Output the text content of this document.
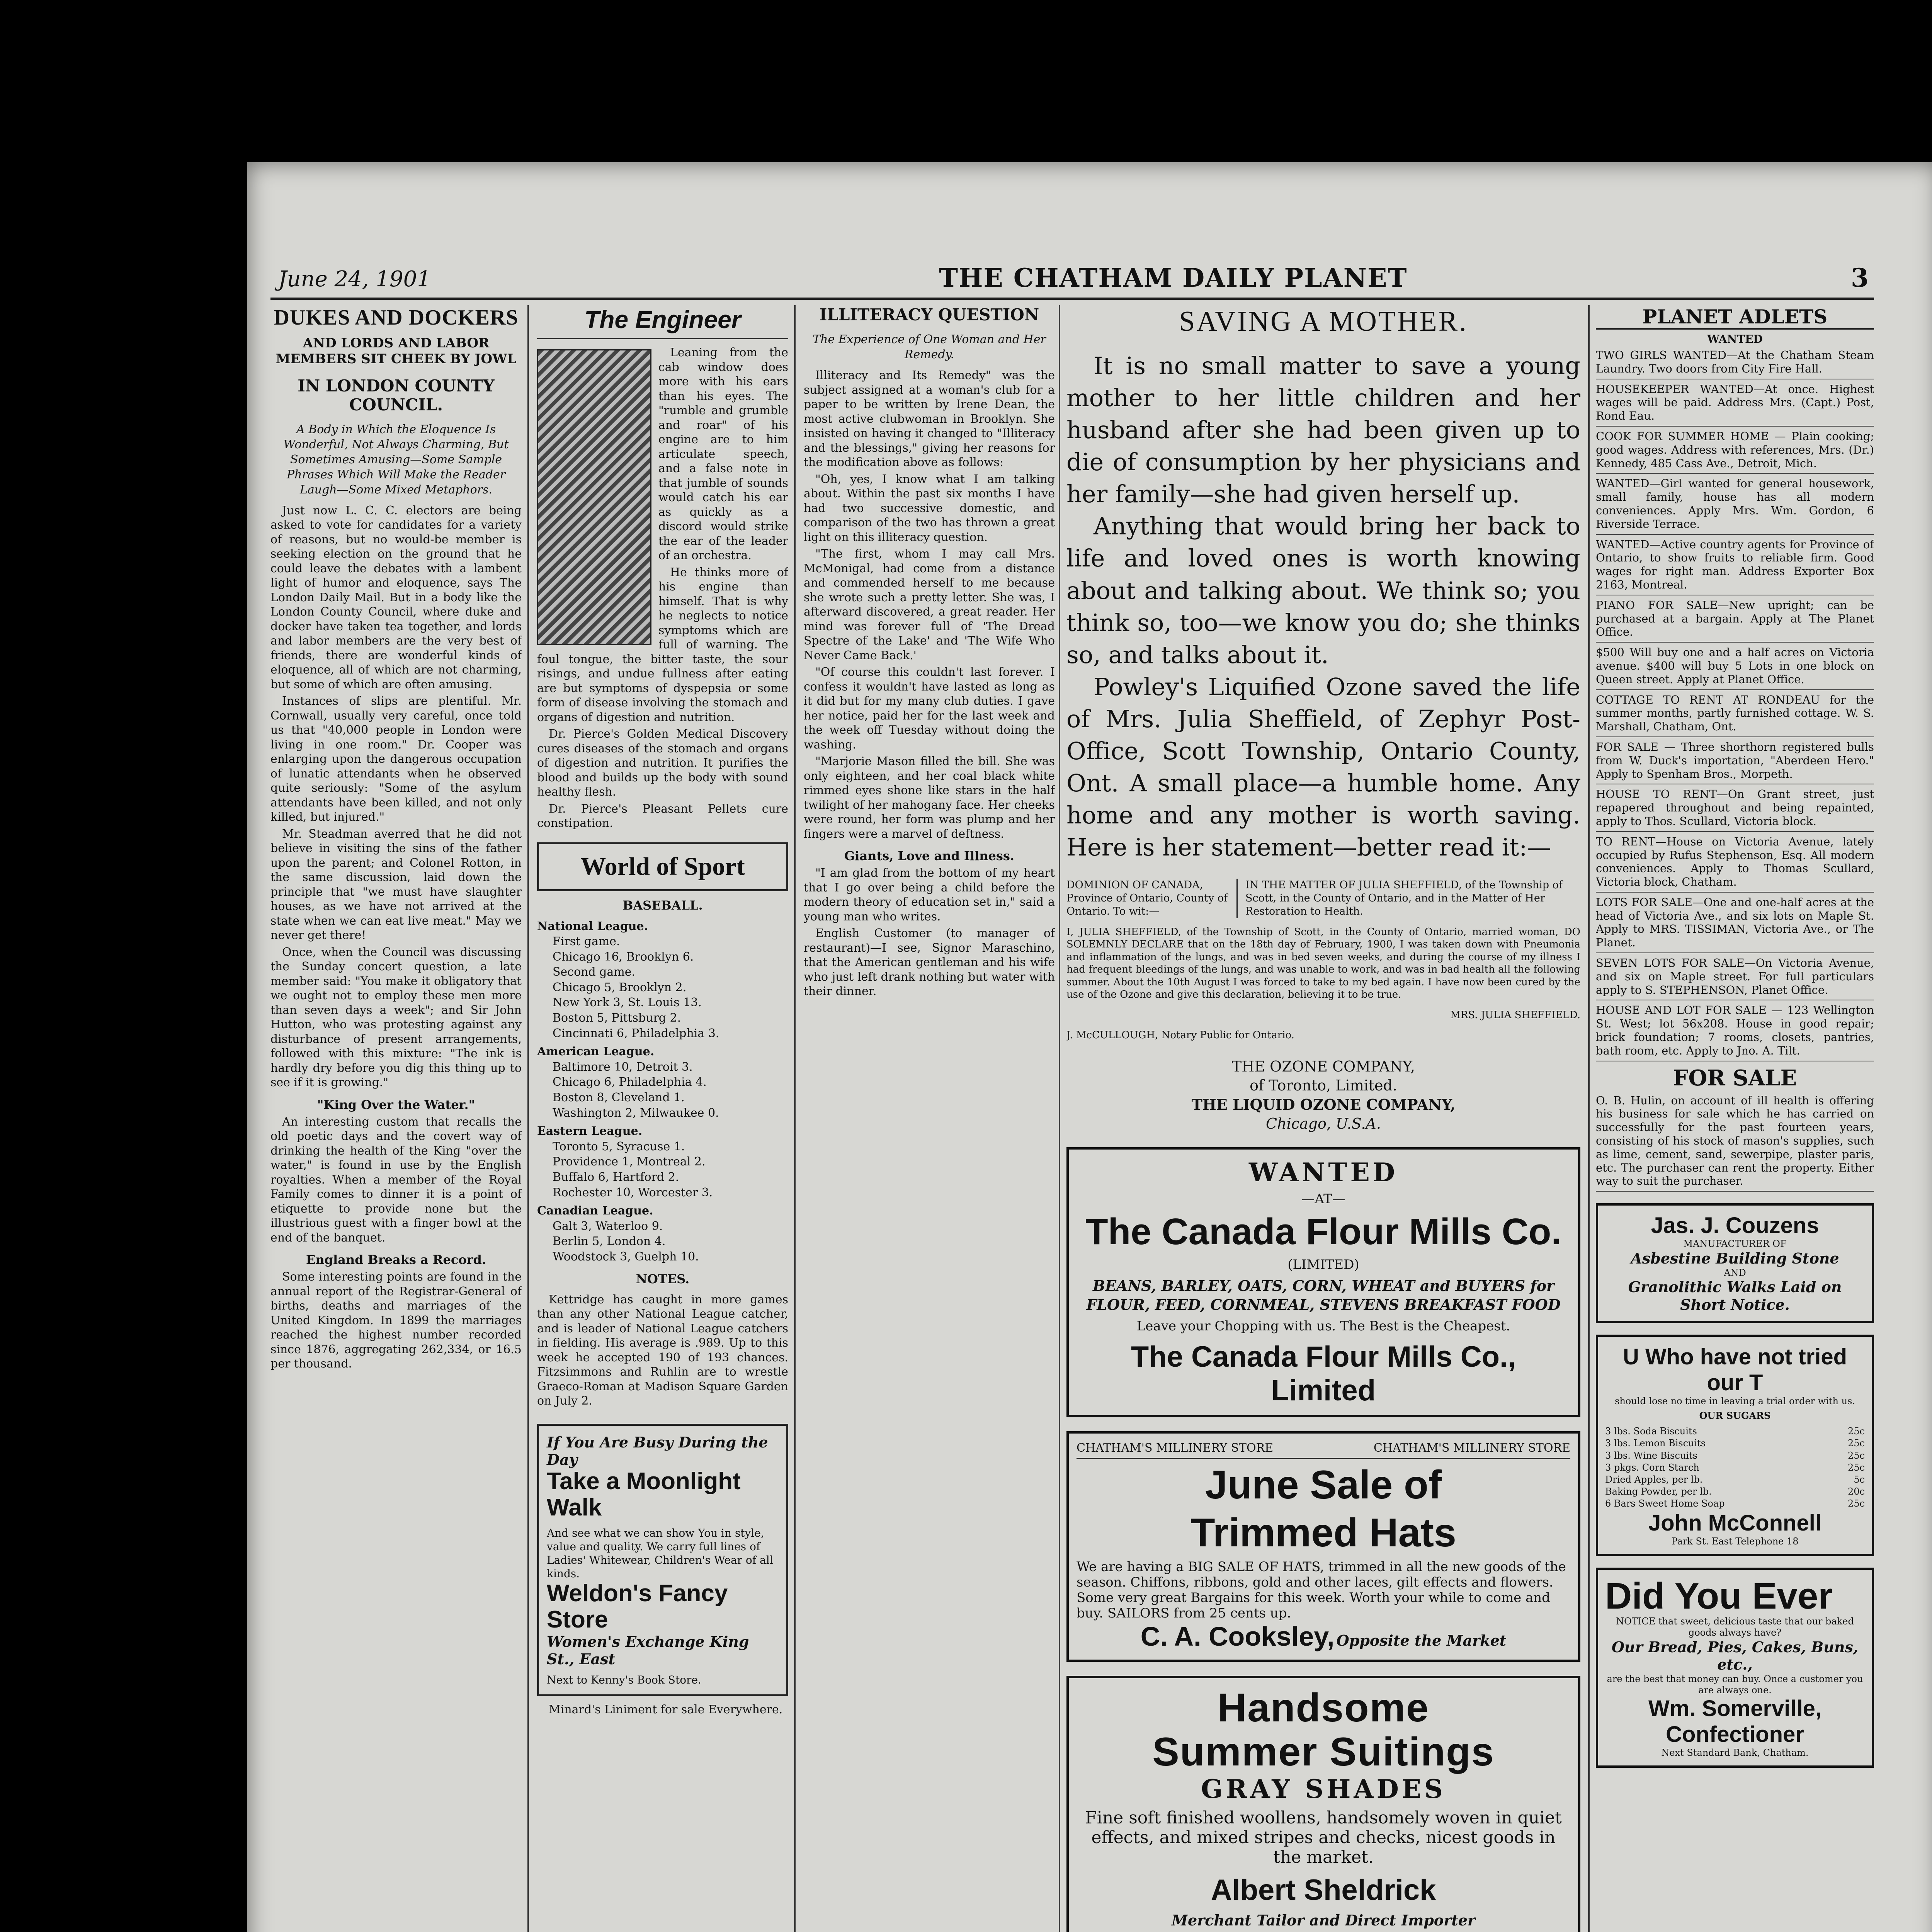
June 24, 1901	THE CHATHAM DAILY PLANET	3
DUKES AND DOCKERS
AND LORDS AND LABOR MEMBERS SIT CHEEK BY JOWL
IN LONDON COUNTY COUNCIL.
A Body in Which the Eloquence Is Wonderful, Not Always Charming, But Sometimes Amusing—Some Sample Phrases Which Will Make the Reader Laugh—Some Mixed Metaphors.

Just now L. C. C. electors are being asked to vote for candidates for a variety of reasons, but no would-be member is seeking election on the ground that he could leave the debates with a lambent light of humor and eloquence, says The London Daily Mail. But in a body like the London County Council, where duke and docker have taken tea together, and lords and labor members are the very best of friends, there are wonderful kinds of eloquence, all of which are not charming, but some of which are often amusing.

Instances of slips are plentiful. Mr. Cornwall, usually very careful, once told us that "40,000 people in London were living in one room." Dr. Cooper was enlarging upon the dangerous occupation of lunatic attendants when he observed quite seriously: "Some of the asylum attendants have been killed, and not only killed, but injured."

Mr. Steadman averred that he did not believe in visiting the sins of the father upon the parent; and Colonel Rotton, in the same discussion, laid down the principle that "we must have slaughter houses, as we have not arrived at the state when we can eat live meat." May we never get there!

Once, when the Council was discussing the Sunday concert question, a late member said: "You make it obligatory that we ought not to employ these men more than seven days a week"; and Sir John Hutton, who was protesting against any disturbance of present arrangements, followed with this mixture: "The ink is hardly dry before you dig this thing up to see if it is growing."

"King Over the Water."

An interesting custom that recalls the old poetic days and the covert way of drinking the health of the King "over the water," is found in use by the English royalties. When a member of the Royal Family comes to dinner it is a point of etiquette to provide none but the illustrious guest with a finger bowl at the end of the banquet.

England Breaks a Record.

Some interesting points are found in the annual report of the Registrar-General of births, deaths and marriages of the United Kingdom. In 1899 the marriages reached the highest number recorded since 1876, aggregating 262,334, or 16.5 per thousand.

The Engineer

Leaning from the cab window does more with his ears than his eyes. The "rumble and grumble and roar" of his engine are to him articulate speech, and a false note in that jumble of sounds would catch his ear as quickly as a discord would strike the ear of the leader of an orchestra.

He thinks more of his engine than himself. That is why he neglects to notice symptoms which are full of warning. The foul tongue, the bitter taste, the sour risings, and undue fullness after eating are but symptoms of dyspepsia or some form of disease involving the stomach and organs of digestion and nutrition.

Dr. Pierce's Golden Medical Discovery cures diseases of the stomach and organs of digestion and nutrition. It purifies the blood and builds up the body with sound healthy flesh.

Dr. Pierce's Pleasant Pellets cure constipation.

World of Sport
BASEBALL.
National League.
First game.
Chicago 16, Brooklyn 6.
Second game.
Chicago 5, Brooklyn 2.
New York 3, St. Louis 13.
Boston 5, Pittsburg 2.
Cincinnati 6, Philadelphia 3.
American League.
Baltimore 10, Detroit 3.
Chicago 6, Philadelphia 4.
Boston 8, Cleveland 1.
Washington 2, Milwaukee 0.
Eastern League.
Toronto 5, Syracuse 1.
Providence 1, Montreal 2.
Buffalo 6, Hartford 2.
Rochester 10, Worcester 3.
Canadian League.
Galt 3, Waterloo 9.
Berlin 5, London 4.
Woodstock 3, Guelph 10.
NOTES.

Kettridge has caught in more games than any other National League catcher, and is leader of National League catchers in fielding. His average is .989. Up to this week he accepted 190 of 193 chances. Fitzsimmons and Ruhlin are to wrestle Graeco-Roman at Madison Square Garden on July 2.

If You Are Busy During the Day
Take a Moonlight Walk
And see what we can show You in style, value and quality. We carry full lines of Ladies' Whitewear, Children's Wear of all kinds.
Weldon's Fancy Store
Women's Exchange King St., East
Next to Kenny's Book Store.

Minard's Liniment for sale Everywhere.

ILLITERACY QUESTION
The Experience of One Woman and Her Remedy.

Illiteracy and Its Remedy" was the subject assigned at a woman's club for a paper to be written by Irene Dean, the most active clubwoman in Brooklyn. She insisted on having it changed to "Illiteracy and the blessings," giving her reasons for the modification above as follows:

"Oh, yes, I know what I am talking about. Within the past six months I have had two successive domestic, and comparison of the two has thrown a great light on this illiteracy question.

"The first, whom I may call Mrs. McMonigal, had come from a distance and commended herself to me because she wrote such a pretty letter. She was, I afterward discovered, a great reader. Her mind was forever full of 'The Dread Spectre of the Lake' and 'The Wife Who Never Came Back.'

"Of course this couldn't last forever. I confess it wouldn't have lasted as long as it did but for my many club duties. I gave her notice, paid her for the last week and the week off Tuesday without doing the washing.

"Marjorie Mason filled the bill. She was only eighteen, and her coal black white rimmed eyes shone like stars in the half twilight of her mahogany face. Her cheeks were round, her form was plump and her fingers were a marvel of deftness.

Giants, Love and Illness.

"I am glad from the bottom of my heart that I go over being a child before the modern theory of education set in," said a young man who writes.

English Customer (to manager of restaurant)—I see, Signor Maraschino, that the American gentleman and his wife who just left drank nothing but water with their dinner.

SAVING A MOTHER.

It is no small matter to save a young mother to her little children and her husband after she had been given up to die of consumption by her physicians and her family—she had given herself up.

Anything that would bring her back to life and loved ones is worth knowing about and talking about. We think so; you think so, too—we know you do; she thinks so, and talks about it.

Powley's Liquified Ozone saved the life of Mrs. Julia Sheffield, of Zephyr Post-Office, Scott Township, Ontario County, Ont. A small place—a humble home. Any home and any mother is worth saving. Here is her statement—better read it:—

DOMINION OF CANADA, Province of Ontario, County of Ontario. To wit:—
IN THE MATTER OF JULIA SHEFFIELD, of the Township of Scott, in the County of Ontario, and in the Matter of Her Restoration to Health.
I, JULIA SHEFFIELD, of the Township of Scott, in the County of Ontario, married woman, DO SOLEMNLY DECLARE that on the 18th day of February, 1900, I was taken down with Pneumonia and inflammation of the lungs, and was in bed seven weeks, and during the course of my illness I had frequent bleedings of the lungs, and was unable to work, and was in bad health all the following summer. About the 10th August I was forced to take to my bed again. I have now been cured by the use of the Ozone and give this declaration, believing it to be true.
MRS. JULIA SHEFFIELD.
J. McCULLOUGH, Notary Public for Ontario.
THE OZONE COMPANY,
of Toronto, Limited.
THE LIQUID OZONE COMPANY,
Chicago, U.S.A.
WANTED
—AT—
The Canada Flour Mills Co.
(LIMITED)
BEANS, BARLEY, OATS, CORN, WHEAT and BUYERS for FLOUR, FEED, CORNMEAL, STEVENS BREAKFAST FOOD
Leave your Chopping with us. The Best is the Cheapest.
The Canada Flour Mills Co., Limited
CHATHAM'S MILLINERY STORE	CHATHAM'S MILLINERY STORE
June Sale of
Trimmed Hats
We are having a BIG SALE OF HATS, trimmed in all the new goods of the season. Chiffons, ribbons, gold and other laces, gilt effects and flowers. Some very great Bargains for this week. Worth your while to come and buy. SAILORS from 25 cents up.
C. A. Cooksley, Opposite the Market
Handsome
Summer Suitings
GRAY SHADES
Fine soft finished woollens, handsomely woven in quiet effects, and mixed stripes and checks, nicest goods in the market.
Albert Sheldrick
Merchant Tailor and Direct Importer
PLANET ADLETS
WANTED
TWO GIRLS WANTED—At the Chatham Steam Laundry. Two doors from City Fire Hall.
HOUSEKEEPER WANTED—At once. Highest wages will be paid. Address Mrs. (Capt.) Post, Rond Eau.
COOK FOR SUMMER HOME — Plain cooking; good wages. Address with references, Mrs. (Dr.) Kennedy, 485 Cass Ave., Detroit, Mich.
WANTED—Girl wanted for general housework, small family, house has all modern conveniences. Apply Mrs. Wm. Gordon, 6 Riverside Terrace.
WANTED—Active country agents for Province of Ontario, to show fruits to reliable firm. Good wages for right man. Address Exporter Box 2163, Montreal.
PIANO FOR SALE—New upright; can be purchased at a bargain. Apply at The Planet Office.
$500 Will buy one and a half acres on Victoria avenue. $400 will buy 5 Lots in one block on Queen street. Apply at Planet Office.
COTTAGE TO RENT AT RONDEAU for the summer months, partly furnished cottage. W. S. Marshall, Chatham, Ont.
FOR SALE — Three shorthorn registered bulls from W. Duck's importation, "Aberdeen Hero." Apply to Spenham Bros., Morpeth.
HOUSE TO RENT—On Grant street, just repapered throughout and being repainted, apply to Thos. Scullard, Victoria block.
TO RENT—House on Victoria Avenue, lately occupied by Rufus Stephenson, Esq. All modern conveniences. Apply to Thomas Scullard, Victoria block, Chatham.
LOTS FOR SALE—One and one-half acres at the head of Victoria Ave., and six lots on Maple St. Apply to MRS. TISSIMAN, Victoria Ave., or The Planet.
SEVEN LOTS FOR SALE—On Victoria Avenue, and six on Maple street. For full particulars apply to S. STEPHENSON, Planet Office.
HOUSE AND LOT FOR SALE — 123 Wellington St. West; lot 56x208. House in good repair; brick foundation; 7 rooms, closets, pantries, bath room, etc. Apply to Jno. A. Tilt.
FOR SALE
O. B. Hulin, on account of ill health is offering his business for sale which he has carried on successfully for the past fourteen years, consisting of his stock of mason's supplies, such as lime, cement, sand, sewerpipe, plaster paris, etc. The purchaser can rent the property. Either way to suit the purchaser.
Jas. J. Couzens
MANUFACTURER OF
Asbestine Building Stone
AND
Granolithic Walks Laid on Short Notice.
U Who have not tried our T
should lose no time in leaving a trial order with us.
OUR SUGARS
3 lbs. Soda Biscuits	25c
3 lbs. Lemon Biscuits	25c
3 lbs. Wine Biscuits	25c
3 pkgs. Corn Starch	25c
Dried Apples, per lb.	5c
Baking Powder, per lb.	20c
6 Bars Sweet Home Soap	25c
John McConnell
Park St. East Telephone 18
Did You Ever
NOTICE that sweet, delicious taste that our baked goods always have?
Our Bread, Pies, Cakes, Buns, etc.,
are the best that money can buy. Once a customer you are always one.
Wm. Somerville, Confectioner
Next Standard Bank, Chatham.
